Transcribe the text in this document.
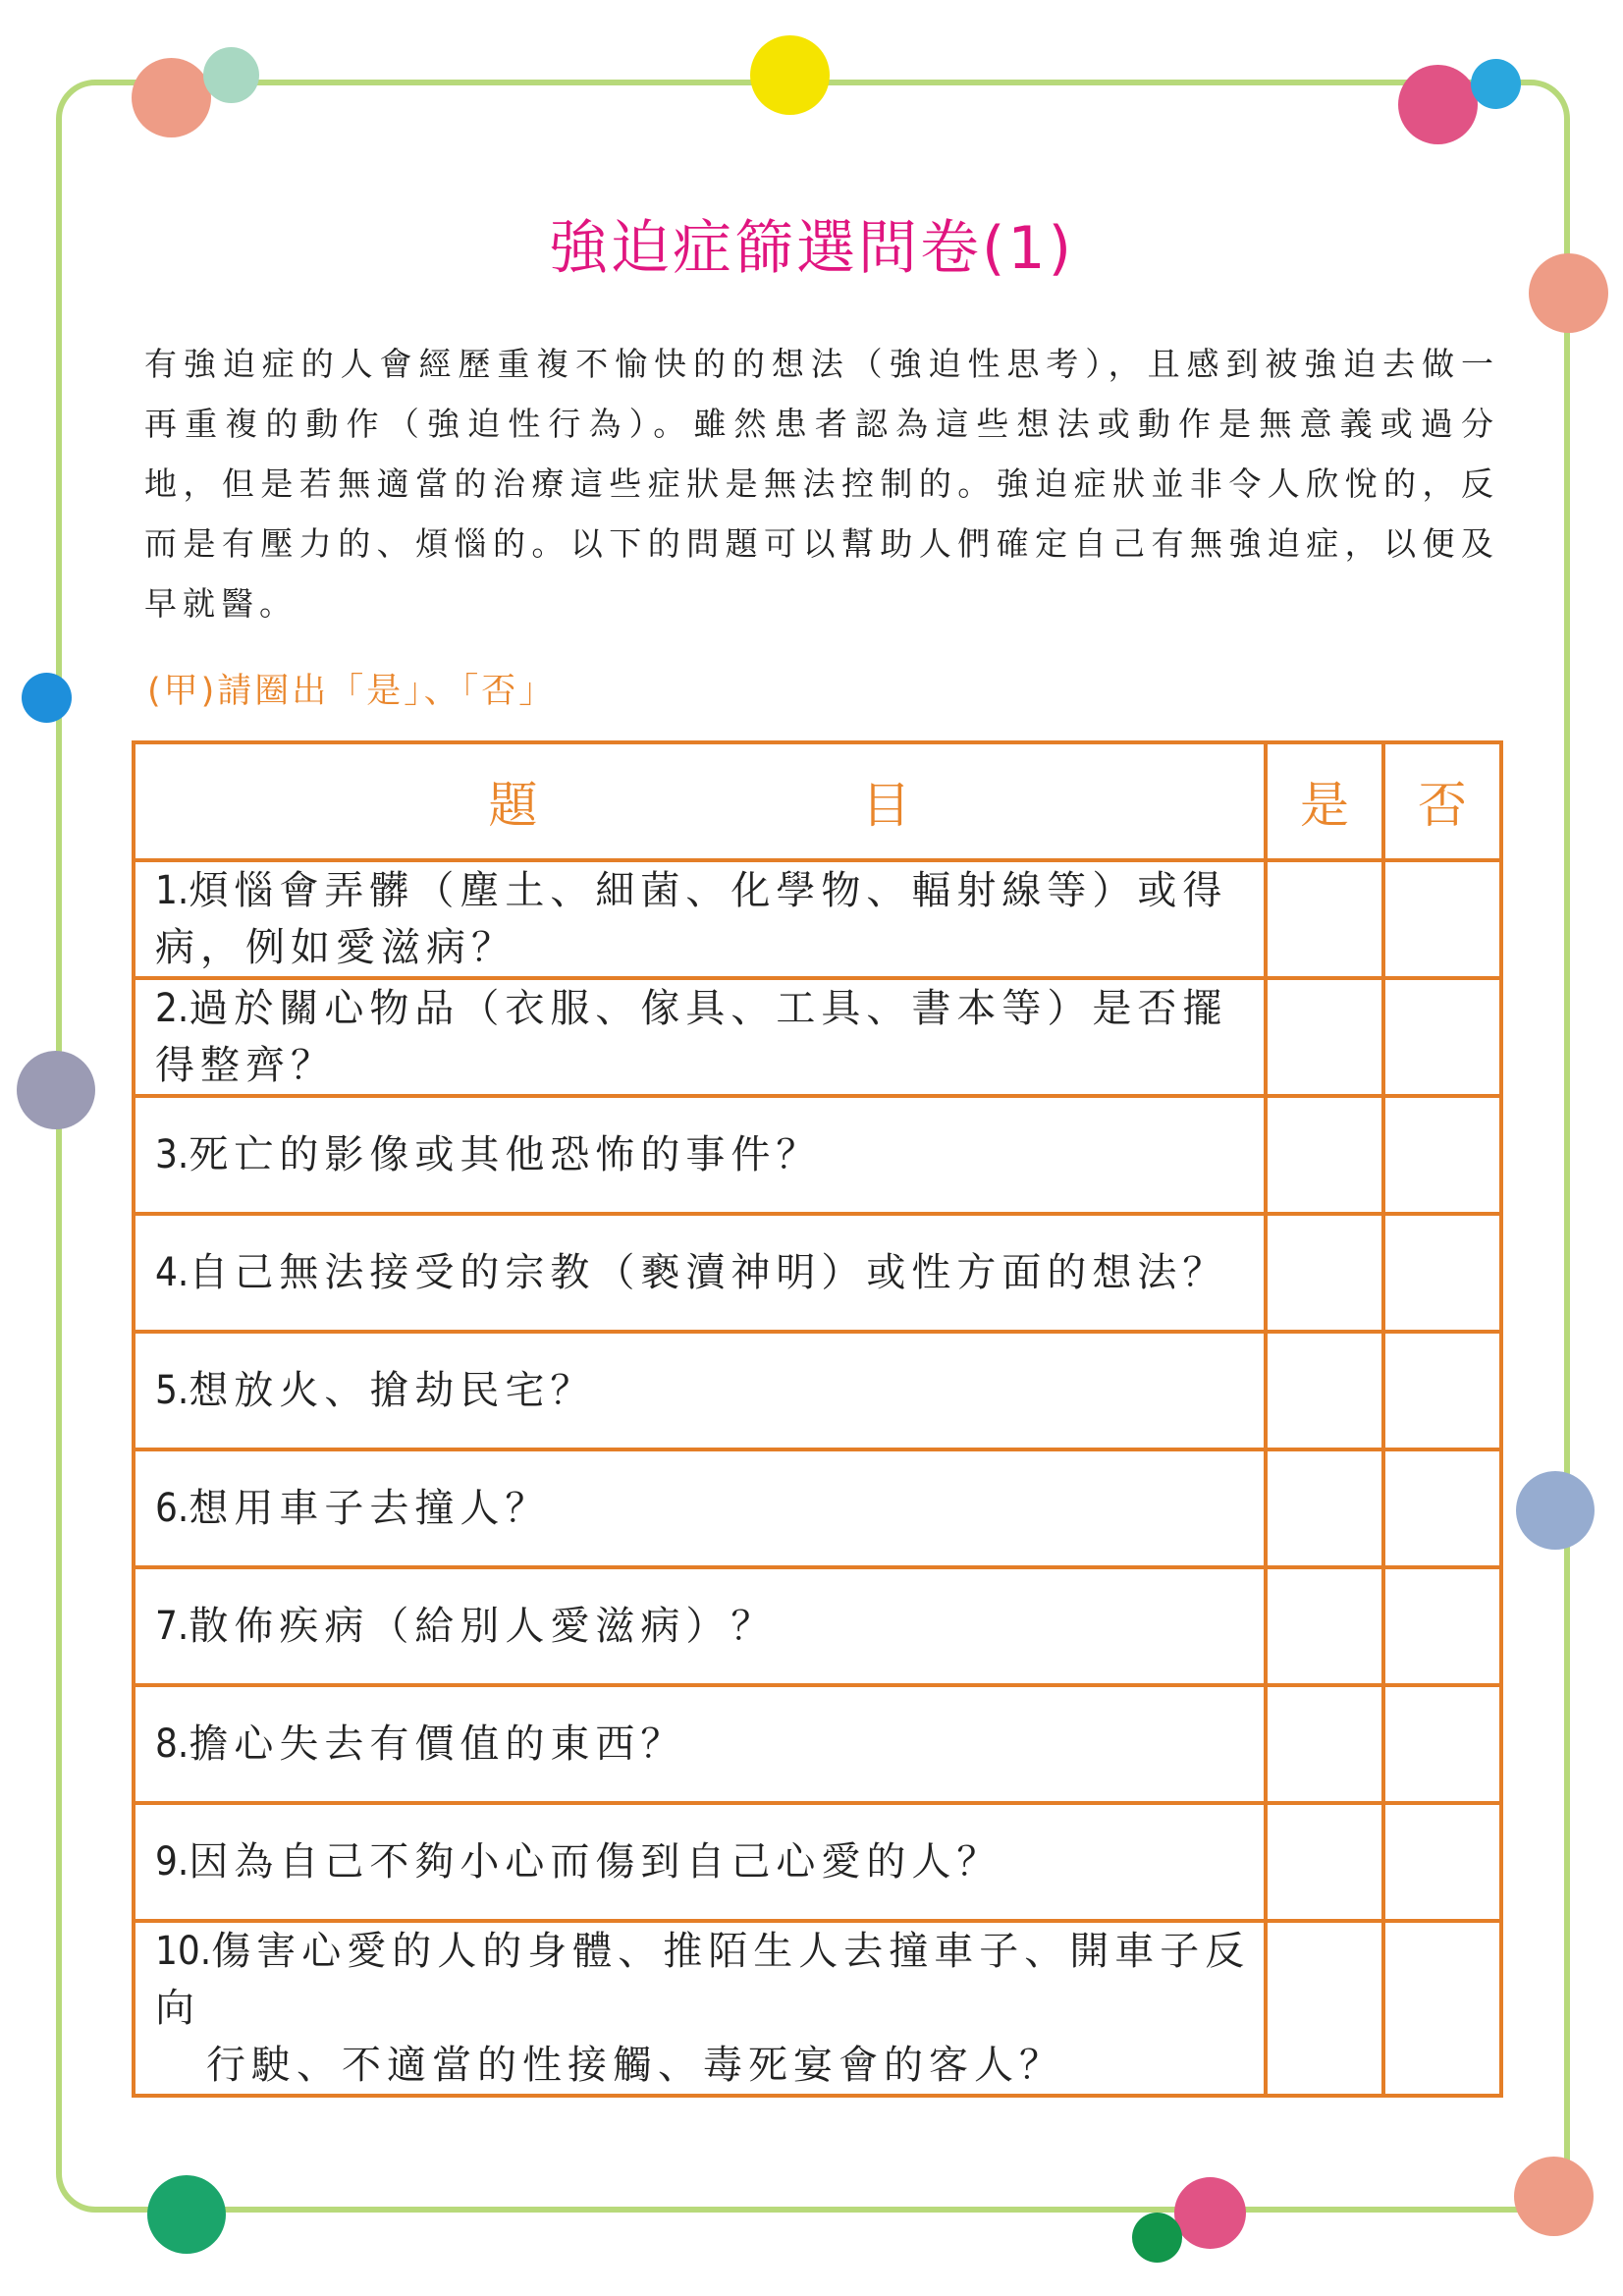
強迫症篩選問卷(1)

有強迫症的人會經歷重複不愉快的的想法（強迫性思考），且感到被強迫去做一再重複的動作（強迫性行為）。雖然患者認為這些想法或動作是無意義或過分地，但是若無適當的治療這些症狀是無法控制的。強迫症狀並非令人欣悅的，反而是有壓力的、煩惱的。以下的問題可以幫助人們確定自己有無強迫症，以便及早就醫。

(甲)請圈出「是」、「否」
題目	是	否
1.煩惱會弄髒（塵土、細菌、化學物、輻射線等）或得病，例如愛滋病？		
2.過於關心物品（衣服、傢具、工具、書本等）是否擺得整齊？		
3.死亡的影像或其他恐怖的事件？		
4.自己無法接受的宗教（褻瀆神明）或性方面的想法？		
5.想放火、搶劫民宅？		
6.想用車子去撞人？		
7.散佈疾病（給別人愛滋病）？		
8.擔心失去有價值的東西？		
9.因為自己不夠小心而傷到自己心愛的人？		
10.傷害心愛的人的身體、推陌生人去撞車子、開車子反向
行駛、不適當的性接觸、毒死宴會的客人？		
